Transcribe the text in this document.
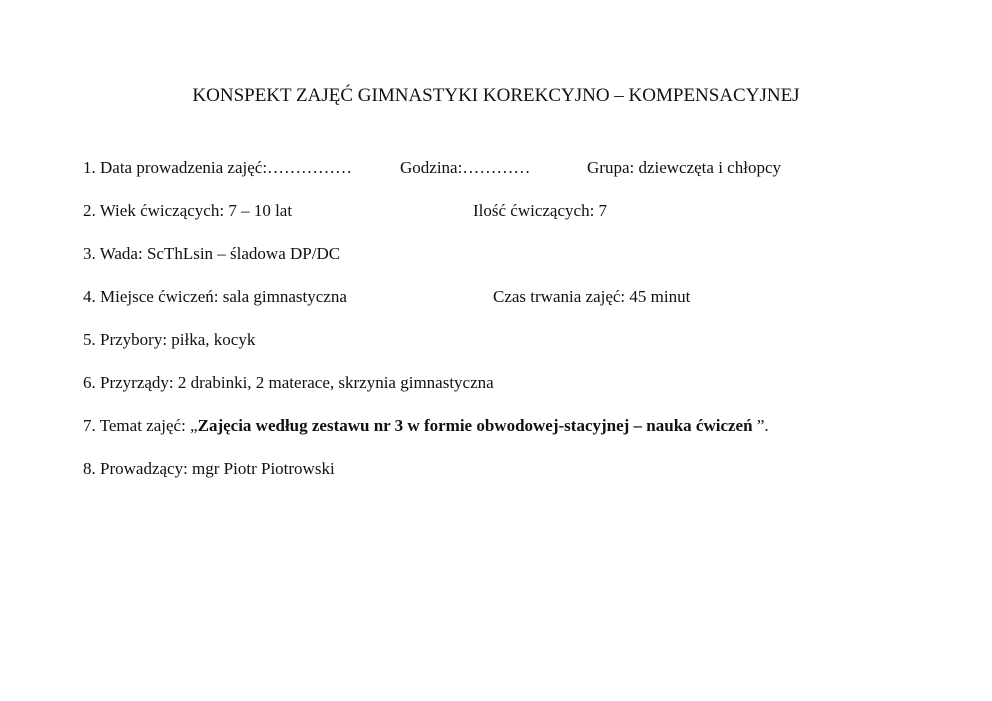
KONSPEKT ZAJĘĆ GIMNASTYKI KOREKCYJNO – KOMPENSACYJNEJ
1. Data prowadzenia zajęć:……………	Godzina:…………	Grupa: dziewczęta i chłopcy
2. Wiek ćwiczących: 7 – 10 lat	Ilość ćwiczących: 7
3. Wada: ScThLsin – śladowa DP/DC
4. Miejsce ćwiczeń: sala gimnastyczna	Czas trwania zajęć: 45 minut
5. Przybory: piłka, kocyk
6. Przyrządy: 2 drabinki, 2 materace, skrzynia gimnastyczna
7. Temat zajęć: „Zajęcia według zestawu nr 3 w formie obwodowej-stacyjnej – nauka ćwiczeń ”.
8. Prowadzący: mgr Piotr Piotrowski
